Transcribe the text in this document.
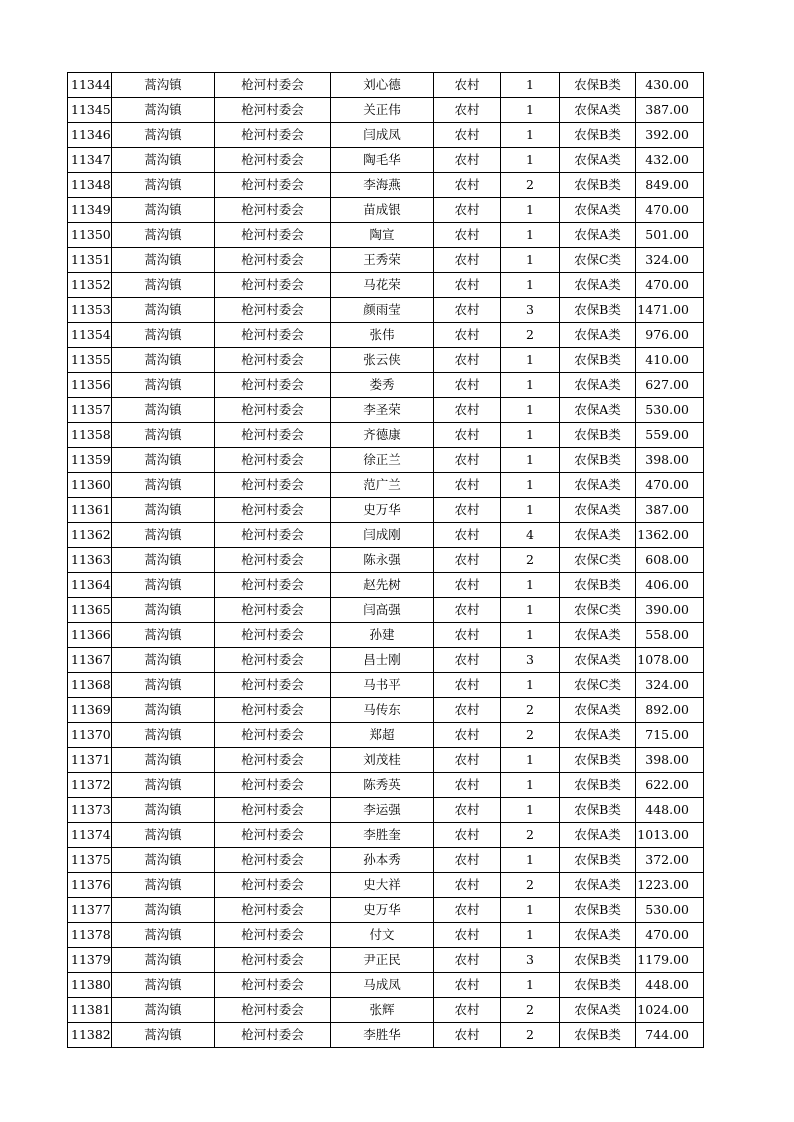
11344	蒿沟镇	枪河村委会	刘心德	农村	1	农保B类	430.00
11345	蒿沟镇	枪河村委会	关正伟	农村	1	农保A类	387.00
11346	蒿沟镇	枪河村委会	闫成凤	农村	1	农保B类	392.00
11347	蒿沟镇	枪河村委会	陶毛华	农村	1	农保A类	432.00
11348	蒿沟镇	枪河村委会	李海燕	农村	2	农保B类	849.00
11349	蒿沟镇	枪河村委会	苗成银	农村	1	农保A类	470.00
11350	蒿沟镇	枪河村委会	陶宣	农村	1	农保A类	501.00
11351	蒿沟镇	枪河村委会	王秀荣	农村	1	农保C类	324.00
11352	蒿沟镇	枪河村委会	马花荣	农村	1	农保A类	470.00
11353	蒿沟镇	枪河村委会	颜雨莹	农村	3	农保B类	1471.00
11354	蒿沟镇	枪河村委会	张伟	农村	2	农保A类	976.00
11355	蒿沟镇	枪河村委会	张云侠	农村	1	农保B类	410.00
11356	蒿沟镇	枪河村委会	娄秀	农村	1	农保A类	627.00
11357	蒿沟镇	枪河村委会	李圣荣	农村	1	农保A类	530.00
11358	蒿沟镇	枪河村委会	齐德康	农村	1	农保B类	559.00
11359	蒿沟镇	枪河村委会	徐正兰	农村	1	农保B类	398.00
11360	蒿沟镇	枪河村委会	范广兰	农村	1	农保A类	470.00
11361	蒿沟镇	枪河村委会	史万华	农村	1	农保A类	387.00
11362	蒿沟镇	枪河村委会	闫成刚	农村	4	农保A类	1362.00
11363	蒿沟镇	枪河村委会	陈永强	农村	2	农保C类	608.00
11364	蒿沟镇	枪河村委会	赵先树	农村	1	农保B类	406.00
11365	蒿沟镇	枪河村委会	闫高强	农村	1	农保C类	390.00
11366	蒿沟镇	枪河村委会	孙建	农村	1	农保A类	558.00
11367	蒿沟镇	枪河村委会	昌士刚	农村	3	农保A类	1078.00
11368	蒿沟镇	枪河村委会	马书平	农村	1	农保C类	324.00
11369	蒿沟镇	枪河村委会	马传东	农村	2	农保A类	892.00
11370	蒿沟镇	枪河村委会	郑超	农村	2	农保A类	715.00
11371	蒿沟镇	枪河村委会	刘茂桂	农村	1	农保B类	398.00
11372	蒿沟镇	枪河村委会	陈秀英	农村	1	农保B类	622.00
11373	蒿沟镇	枪河村委会	李运强	农村	1	农保B类	448.00
11374	蒿沟镇	枪河村委会	李胜奎	农村	2	农保A类	1013.00
11375	蒿沟镇	枪河村委会	孙本秀	农村	1	农保B类	372.00
11376	蒿沟镇	枪河村委会	史大祥	农村	2	农保A类	1223.00
11377	蒿沟镇	枪河村委会	史万华	农村	1	农保B类	530.00
11378	蒿沟镇	枪河村委会	付文	农村	1	农保A类	470.00
11379	蒿沟镇	枪河村委会	尹正民	农村	3	农保B类	1179.00
11380	蒿沟镇	枪河村委会	马成凤	农村	1	农保B类	448.00
11381	蒿沟镇	枪河村委会	张辉	农村	2	农保A类	1024.00
11382	蒿沟镇	枪河村委会	李胜华	农村	2	农保B类	744.00
